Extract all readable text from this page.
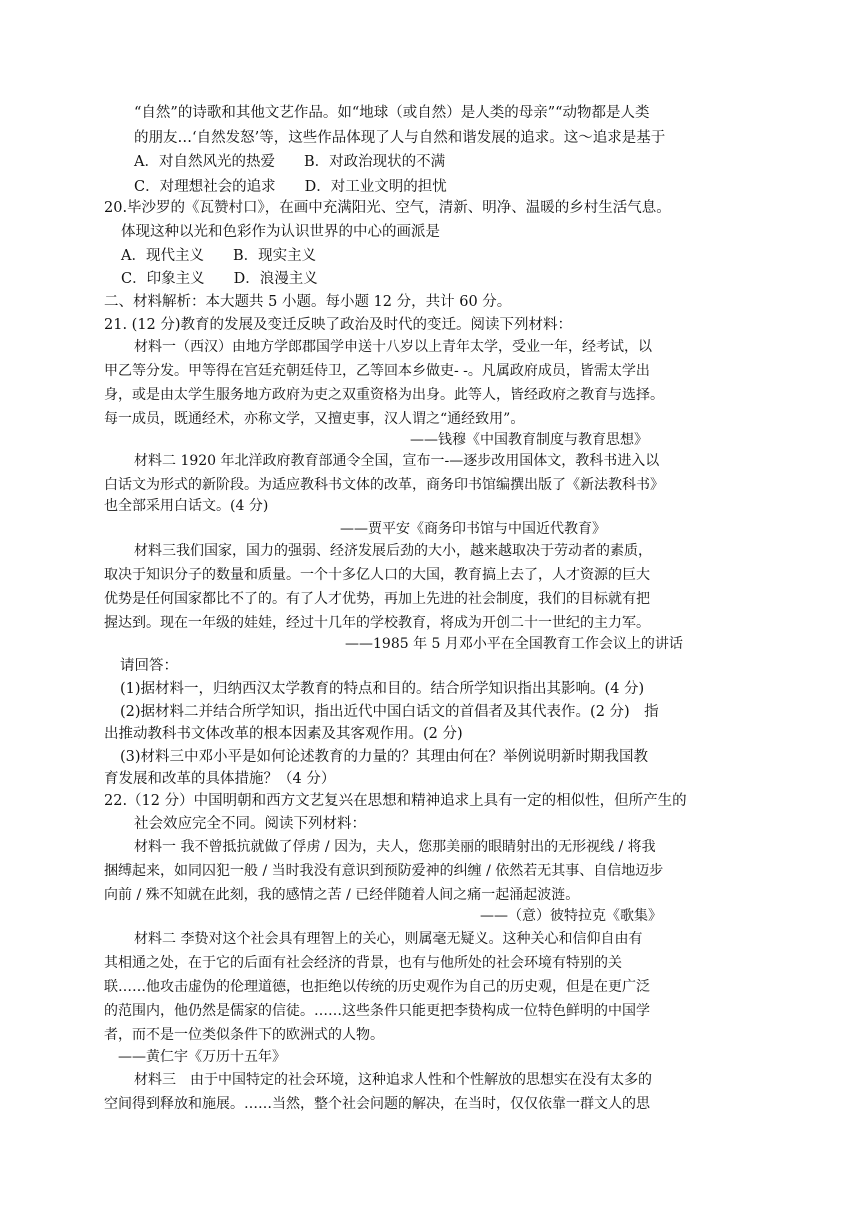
“自然”的诗歌和其他文艺作品。如“地球（或自然）是人类的母亲”“动物都是人类
的朋友…‘自然发怒’等，这些作品体现了人与自然和谐发展的追求。这～追求是基于
A．对自然风光的热爱　　B．对政治现状的不满
C．对理想社会的追求　　D．对工业文明的担忧
20.毕沙罗的《瓦赞村口》，在画中充满阳光、空气，清新、明净、温暖的乡村生活气息。
体现这种以光和色彩作为认识世界的中心的画派是
A．现代主义　　B．现实主义
C．印象主义　　D．浪漫主义
二、材料解析：本大题共 5 小题。每小题 12 分，共计 60 分。
21. (12 分)教育的发展及变迁反映了政治及时代的变迁。阅读下列材料：
材料一（西汉）由地方学郎郡国学申送十八岁以上青年太学，受业一年，经考试，以
甲乙等分发。甲等得在宫廷充朝廷侍卫，乙等回本乡做吏- -。凡属政府成员，皆需太学出
身，或是由太学生服务地方政府为吏之双重资格为出身。此等人，皆经政府之教育与选择。
每一成员，既通经术，亦称文学，又擅吏事，汉人谓之“通经致用”。
——钱穆《中国教育制度与教育思想》
材料二 1920 年北洋政府教育部通令全国，宣布一-—逐步改用国体文，教科书进入以
白话文为形式的新阶段。为适应教科书文体的改革，商务印书馆编撰出版了《新法教科书》
也全部采用白话文。(4 分)
——贾平安《商务印书馆与中国近代教育》
材料三我们国家，国力的强弱、经济发展后劲的大小，越来越取决于劳动者的素质，
取决于知识分子的数量和质量。一个十多亿人口的大国，教育搞上去了，人才资源的巨大
优势是任何国家都比不了的。有了人才优势，再加上先进的社会制度，我们的目标就有把
握达到。现在一年级的娃娃，经过十几年的学校教育，将成为开创二十一世纪的主力军。
——1985 年 5 月邓小平在全国教育工作会议上的讲话
请回答：
(1)据材料一，归纳西汉太学教育的特点和目的。结合所学知识指出其影响。(4 分)
(2)据材料二并结合所学知识，指出近代中国白话文的首倡者及其代表作。(2 分)　指
出推动教科书文体改革的根本因素及其客观作用。(2 分)
(3)材料三中邓小平是如何论述教育的力量的？其理由何在？举例说明新时期我国教
育发展和改革的具体措施？（4 分）
22.（12 分）中国明朝和西方文艺复兴在思想和精神追求上具有一定的相似性，但所产生的
社会效应完全不同。阅读下列材料：
材料一 我不曾抵抗就做了俘虏 / 因为，夫人，您那美丽的眼睛射出的无形视线 / 将我
捆缚起来，如同囚犯一般 / 当时我没有意识到预防爱神的纠缠 / 依然若无其事、自信地迈步
向前 / 殊不知就在此刻，我的感情之苦 / 已经伴随着人间之痛一起涌起波涟。
——（意）彼特拉克《歌集》
材料二 李贽对这个社会具有理智上的关心，则属毫无疑义。这种关心和信仰自由有
其相通之处，在于它的后面有社会经济的背景，也有与他所处的社会环境有特别的关
联……他攻击虚伪的伦理道德，也拒绝以传统的历史观作为自己的历史观，但是在更广泛
的范围内，他仍然是儒家的信徒。……这些条件只能更把李贽构成一位特色鲜明的中国学
者，而不是一位类似条件下的欧洲式的人物。
——黄仁宇《万历十五年》
材料三　由于中国特定的社会环境，这种追求人性和个性解放的思想实在没有太多的
空间得到释放和施展。……当然，整个社会问题的解决，在当时，仅仅依靠一群文人的思
